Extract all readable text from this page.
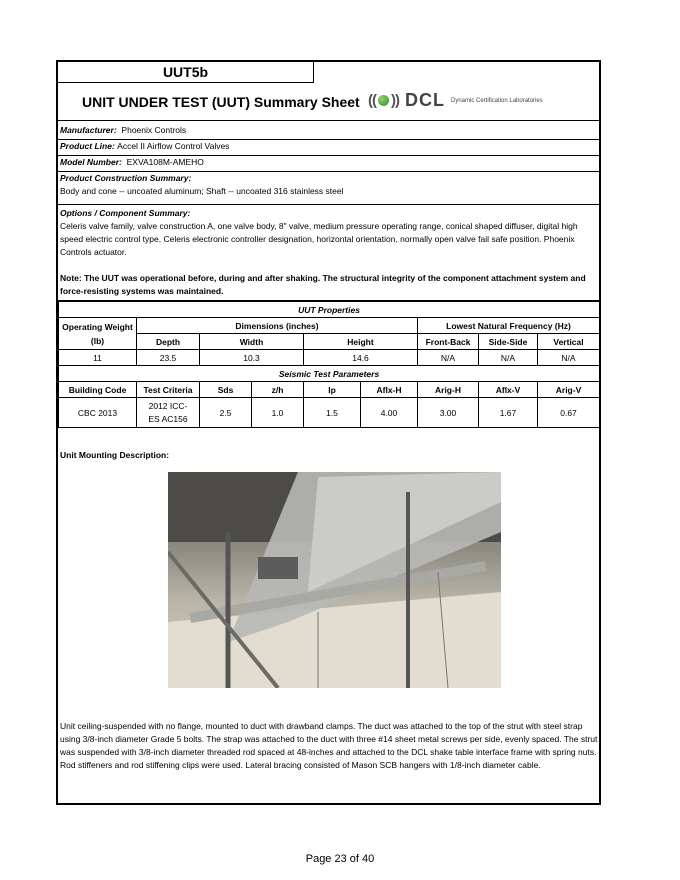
UUT5b
UNIT UNDER TEST (UUT) Summary Sheet (( )) DCL Dynamic Certification Laboratories
Manufacturer: Phoenix Controls
Product Line: Accel II Airflow Control Valves
Model Number: EXVA108M-AMEHO
Product Construction Summary:
Body and cone -- uncoated aluminum; Shaft -- uncoated 316 stainless steel
Options / Component Summary:
Celeris valve family, valve construction A, one valve body, 8" valve, medium pressure operating range, conical shaped diffuser, digital high speed electric control type, Celeris electronic controller designation, horizontal orientation, normally open valve fail safe position. Phoenix Controls actuator.
Note: The UUT was operational before, during and after shaking. The structural integrity of the component attachment system and force-resisting systems was maintained.
UUT Properties								
Operating Weight
(lb)	Dimensions (inches)					Lowest Natural Frequency (Hz)		
	Depth	Width		Height		Front-Back	Side-Side	Vertical
11	23.5	10.3		14.6		N/A	N/A	N/A
Seismic Test Parameters								
Building Code	Test Criteria	Sds	z/h	Ip	Aflx-H	Arig-H	Aflx-V	Arig-V
CBC 2013	2012 ICC-ES AC156	2.5	1.0	1.5	4.00	3.00	1.67	0.67
Unit Mounting Description:
Unit ceiling-suspended with no flange, mounted to duct with drawband clamps. The duct was attached to the top of the strut with steel strap using 3/8-inch diameter Grade 5 bolts. The strap was attached to the duct with three #14 sheet metal screws per side, evenly spaced. The strut was suspended with 3/8-inch diameter threaded rod spaced at 48-inches and attached to the DCL shake table interface frame with spring nuts. Rod stiffeners and rod stiffening clips were used. Lateral bracing consisted of Mason SCB hangers with 1/8-inch diameter cable.
Page 23 of 40
